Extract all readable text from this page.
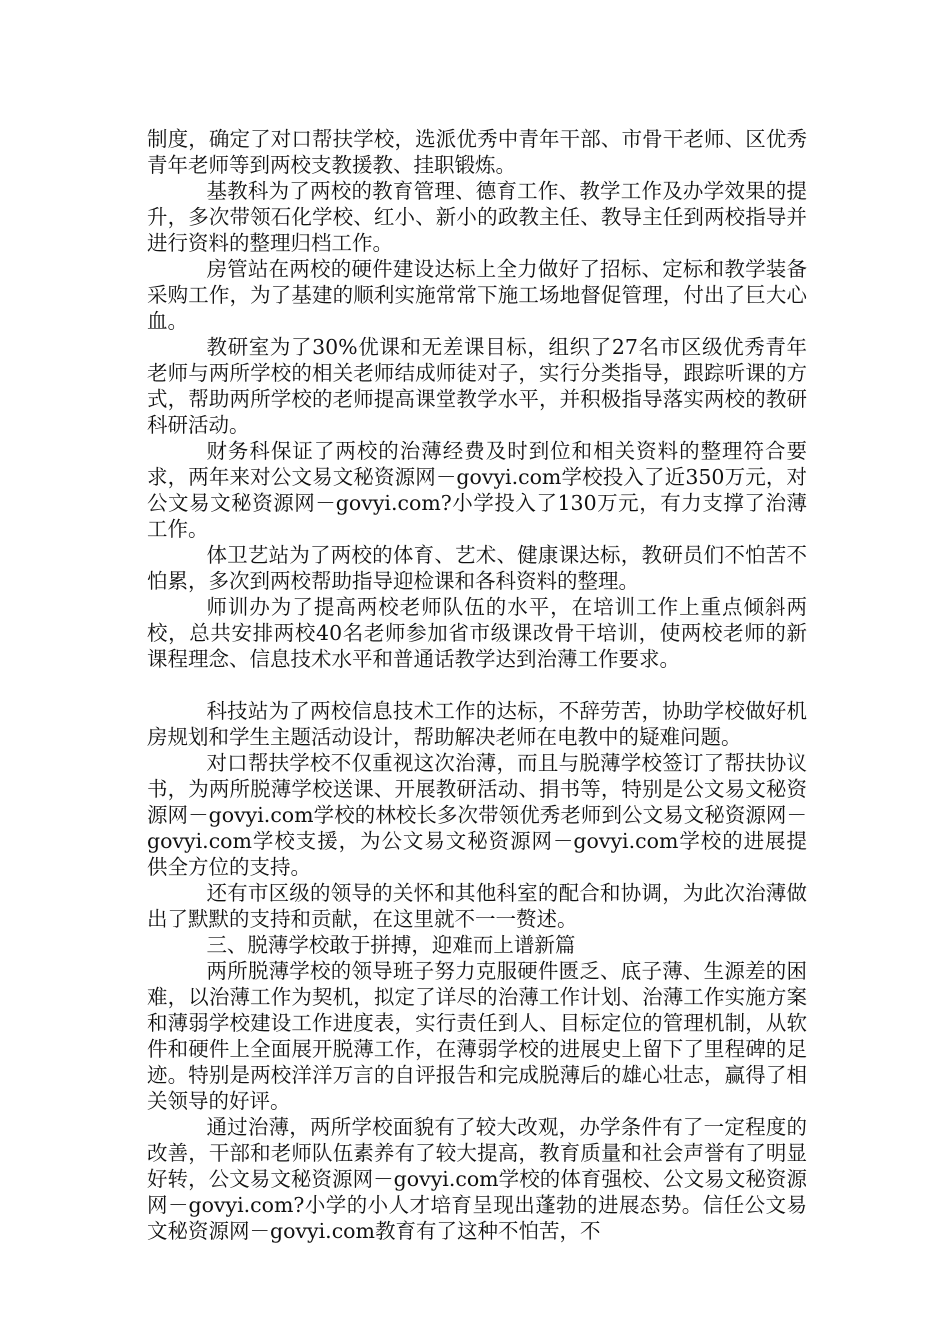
制度，确定了对口帮扶学校，选派优秀中青年干部、市骨干老师、区优秀青年老师等到两校支教援教、挂职锻炼。

基教科为了两校的教育管理、德育工作、教学工作及办学效果的提升，多次带领石化学校、红小、新小的政教主任、教导主任到两校指导并进行资料的整理归档工作。

房管站在两校的硬件建设达标上全力做好了招标、定标和教学装备采购工作，为了基建的顺利实施常常下施工场地督促管理，付出了巨大心血。

教研室为了30%优课和无差课目标，组织了27名市区级优秀青年老师与两所学校的相关老师结成师徒对子，实行分类指导，跟踪听课的方式，帮助两所学校的老师提高课堂教学水平，并积极指导落实两校的教研科研活动。

财务科保证了两校的治薄经费及时到位和相关资料的整理符合要求，两年来对公文易文秘资源网－govyi.com学校投入了近350万元，对公文易文秘资源网－govyi.com?小学投入了130万元，有力支撑了治薄工作。

体卫艺站为了两校的体育、艺术、健康课达标，教研员们不怕苦不怕累，多次到两校帮助指导迎检课和各科资料的整理。

师训办为了提高两校老师队伍的水平，在培训工作上重点倾斜两校，总共安排两校40名老师参加省市级课改骨干培训，使两校老师的新课程理念、信息技术水平和普通话教学达到治薄工作要求。

科技站为了两校信息技术工作的达标，不辞劳苦，协助学校做好机房规划和学生主题活动设计，帮助解决老师在电教中的疑难问题。

对口帮扶学校不仅重视这次治薄，而且与脱薄学校签订了帮扶协议书，为两所脱薄学校送课、开展教研活动、捐书等，特别是公文易文秘资源网－govyi.com学校的林校长多次带领优秀老师到公文易文秘资源网－govyi.com学校支援，为公文易文秘资源网－govyi.com学校的进展提供全方位的支持。

还有市区级的领导的关怀和其他科室的配合和协调，为此次治薄做出了默默的支持和贡献，在这里就不一一赘述。

三、脱薄学校敢于拼搏，迎难而上谱新篇

两所脱薄学校的领导班子努力克服硬件匮乏、底子薄、生源差的困难，以治薄工作为契机，拟定了详尽的治薄工作计划、治薄工作实施方案和薄弱学校建设工作进度表，实行责任到人、目标定位的管理机制，从软件和硬件上全面展开脱薄工作，在薄弱学校的进展史上留下了里程碑的足迹。特别是两校洋洋万言的自评报告和完成脱薄后的雄心壮志，赢得了相关领导的好评。

通过治薄，两所学校面貌有了较大改观，办学条件有了一定程度的改善，干部和老师队伍素养有了较大提高，教育质量和社会声誉有了明显好转，公文易文秘资源网－govyi.com学校的体育强校、公文易文秘资源网－govyi.com?小学的小人才培育呈现出蓬勃的进展态势。信任公文易文秘资源网－govyi.com教育有了这种不怕苦，不
